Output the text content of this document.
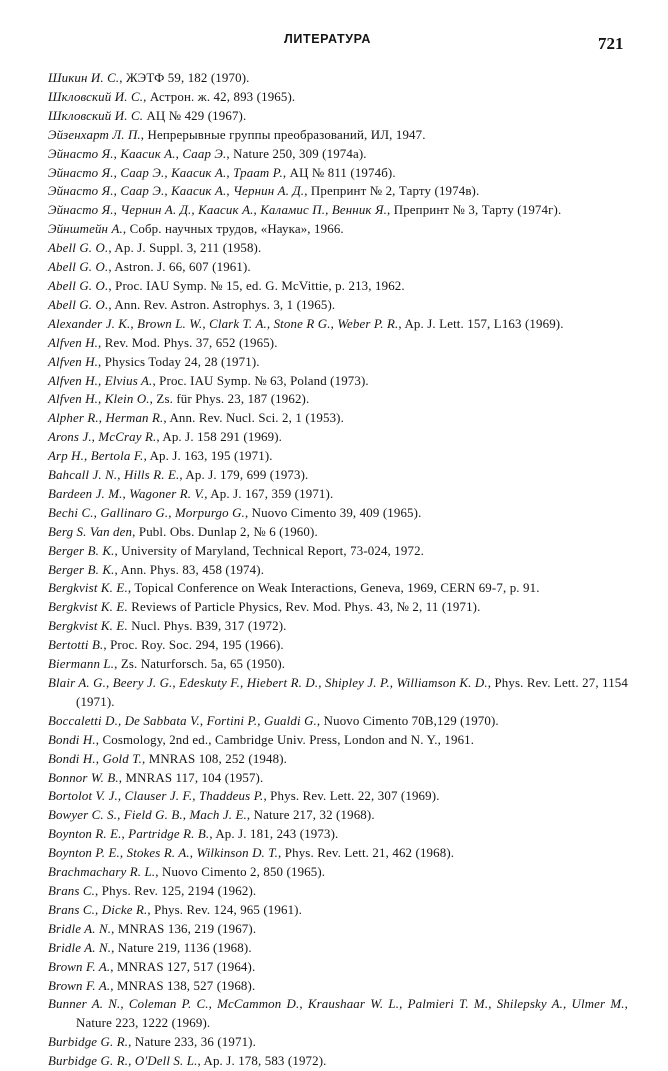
ЛИТЕРАТУРА	721

Шикин И. С., ЖЭТФ 59, 182 (1970).

Шкловский И. С., Астрон. ж. 42, 893 (1965).

Шкловский И. С. АЦ № 429 (1967).

Эйзенхарт Л. П., Непрерывные группы преобразований, ИЛ, 1947.

Эйнасто Я., Каасик А., Саар Э., Nature 250, 309 (1974а).

Эйнасто Я., Саар Э., Каасик А., Траат Р., АЦ № 811 (1974б).

Эйнасто Я., Саар Э., Каасик А., Чернин А. Д., Препринт № 2, Тарту (1974в).

Эйнасто Я., Чернин А. Д., Каасик А., Каламис П., Венник Я., Препринт № 3, Тарту (1974г).

Эйнштейн А., Собр. научных трудов, «Наука», 1966.

Abell G. O., Ap. J. Suppl. 3, 211 (1958).

Abell G. O., Astron. J. 66, 607 (1961).

Abell G. O., Proc. IAU Symp. № 15, ed. G. McVittie, p. 213, 1962.

Abell G. O., Ann. Rev. Astron. Astrophys. 3, 1 (1965).

Alexander J. K., Brown L. W., Clark T. A., Stone R G., Weber P. R., Ap. J. Lett. 157, L163 (1969).

Alfven H., Rev. Mod. Phys. 37, 652 (1965).

Alfven H., Physics Today 24, 28 (1971).

Alfven H., Elvius A., Proc. IAU Symp. № 63, Poland (1973).

Alfven H., Klein O., Zs. für Phys. 23, 187 (1962).

Alpher R., Herman R., Ann. Rev. Nucl. Sci. 2, 1 (1953).

Arons J., McCray R., Ap. J. 158 291 (1969).

Arp H., Bertola F., Ap. J. 163, 195 (1971).

Bahcall J. N., Hills R. E., Ap. J. 179, 699 (1973).

Bardeen J. M., Wagoner R. V., Ap. J. 167, 359 (1971).

Bechi C., Gallinaro G., Morpurgo G., Nuovo Cimento 39, 409 (1965).

Berg S. Van den, Publ. Obs. Dunlap 2, № 6 (1960).

Berger B. K., University of Maryland, Technical Report, 73-024, 1972.

Berger B. K., Ann. Phys. 83, 458 (1974).

Bergkvist K. E., Topical Conference on Weak Interactions, Geneva, 1969, CERN 69-7, p. 91.

Bergkvist K. E. Reviews of Particle Physics, Rev. Mod. Phys. 43, № 2, 11 (1971).

Bergkvist K. E. Nucl. Phys. B39, 317 (1972).

Bertotti B., Proc. Roy. Soc. 294, 195 (1966).

Biermann L., Zs. Naturforsch. 5a, 65 (1950).

Blair A. G., Beery J. G., Edeskuty F., Hiebert R. D., Shipley J. P., Williamson K. D., Phys. Rev. Lett. 27, 1154 (1971).

Boccaletti D., De Sabbata V., Fortini P., Gualdi G., Nuovo Cimento 70B,129 (1970).

Bondi H., Cosmology, 2nd ed., Cambridge Univ. Press, London and N. Y., 1961.

Bondi H., Gold T., MNRAS 108, 252 (1948).

Bonnor W. B., MNRAS 117, 104 (1957).

Bortolot V. J., Clauser J. F., Thaddeus P., Phys. Rev. Lett. 22, 307 (1969).

Bowyer C. S., Field G. B., Mach J. E., Nature 217, 32 (1968).

Boynton R. E., Partridge R. B., Ap. J. 181, 243 (1973).

Boynton P. E., Stokes R. A., Wilkinson D. T., Phys. Rev. Lett. 21, 462 (1968).

Brachmachary R. L., Nuovo Cimento 2, 850 (1965).

Brans C., Phys. Rev. 125, 2194 (1962).

Brans C., Dicke R., Phys. Rev. 124, 965 (1961).

Bridle A. N., MNRAS 136, 219 (1967).

Bridle A. N., Nature 219, 1136 (1968).

Brown F. A., MNRAS 127, 517 (1964).

Brown F. A., MNRAS 138, 527 (1968).

Bunner A. N., Coleman P. C., McCammon D., Kraushaar W. L., Palmieri T. M., Shilepsky A., Ulmer M., Nature 223, 1222 (1969).

Burbidge G. R., Nature 233, 36 (1971).

Burbidge G. R., O'Dell S. L., Ap. J. 178, 583 (1972).
